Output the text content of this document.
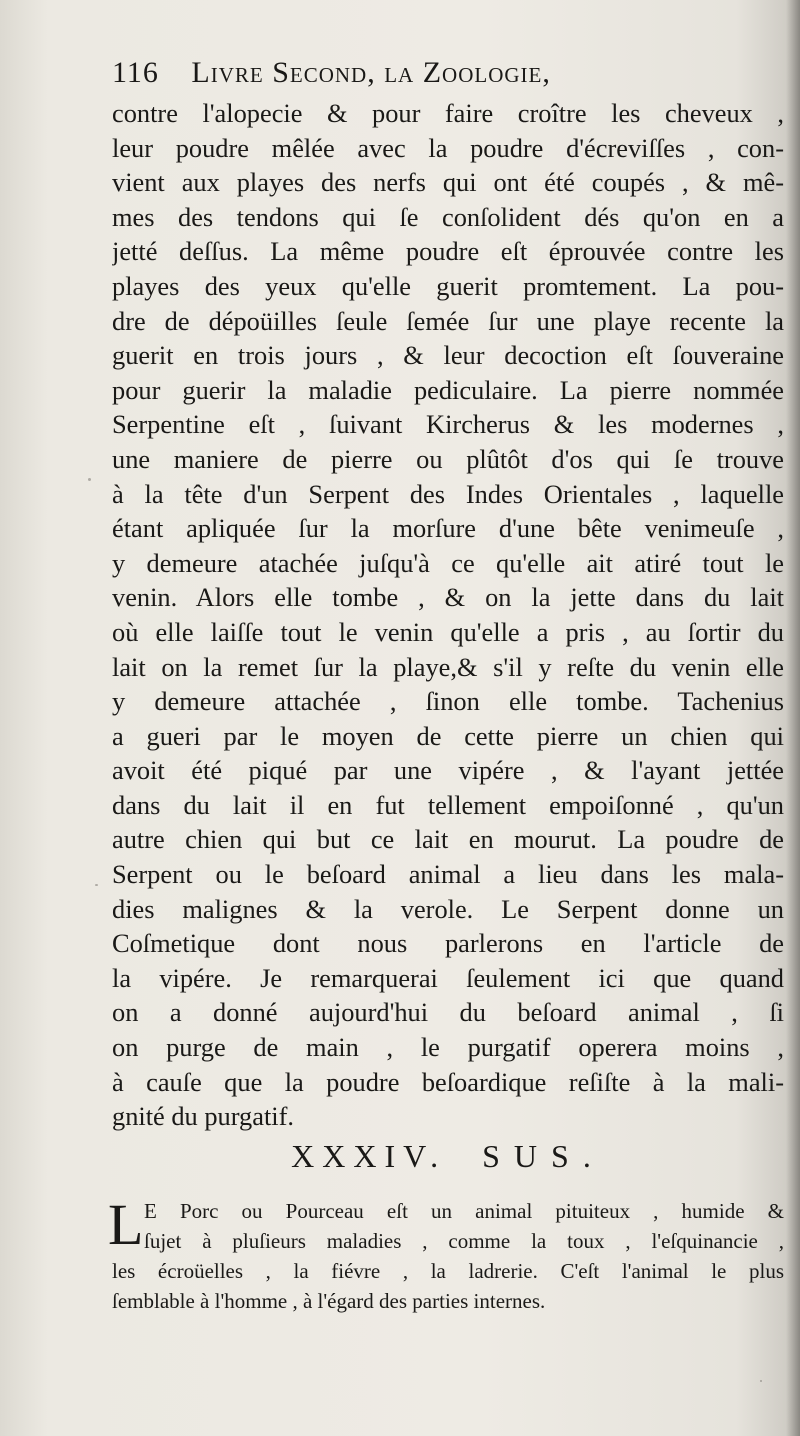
116 Livre Second, la Zoologie,
contre l'alopecie & pour faire croître les cheveux ,
leur poudre mêlée avec la poudre d'écreviſſes , con-
vient aux playes des nerfs qui ont été coupés , & mê-
mes des tendons qui ſe conſolident dés qu'on en a
jetté deſſus. La même poudre eſt éprouvée contre les
playes des yeux qu'elle guerit promtement. La pou-
dre de dépoüilles ſeule ſemée ſur une playe recente la
guerit en trois jours , & leur decoction eſt ſouveraine
pour guerir la maladie pediculaire. La pierre nommée
Serpentine eſt , ſuivant Kircherus & les modernes ,
une maniere de pierre ou plûtôt d'os qui ſe trouve
à la tête d'un Serpent des Indes Orientales , laquelle
étant apliquée ſur la morſure d'une bête venimeuſe ,
y demeure atachée juſqu'à ce qu'elle ait atiré tout le
venin. Alors elle tombe , & on la jette dans du lait
où elle laiſſe tout le venin qu'elle a pris , au ſortir du
lait on la remet ſur la playe,& s'il y reſte du venin elle
y demeure attachée , ſinon elle tombe. Tachenius
a gueri par le moyen de cette pierre un chien qui
avoit été piqué par une vipére , & l'ayant jettée
dans du lait il en fut tellement empoiſonné , qu'un
autre chien qui but ce lait en mourut. La poudre de
Serpent ou le beſoard animal a lieu dans les mala-
dies malignes & la verole. Le Serpent donne un
Coſmetique dont nous parlerons en l'article de
la vipére. Je remarquerai ſeulement ici que quand
on a donné aujourd'hui du beſoard animal , ſi
on purge de main , le purgatif operera moins ,
à cauſe que la poudre beſoardique reſiſte à la mali-
gnité du purgatif.
XXXIV. SUS.
L E Porc ou Pourceau eſt un animal pituiteux , humide &
ſujet à pluſieurs maladies , comme la toux , l'eſquinancie ,
les écroüelles , la fiévre , la ladrerie. C'eſt l'animal le plus
ſemblable à l'homme , à l'égard des parties internes.
